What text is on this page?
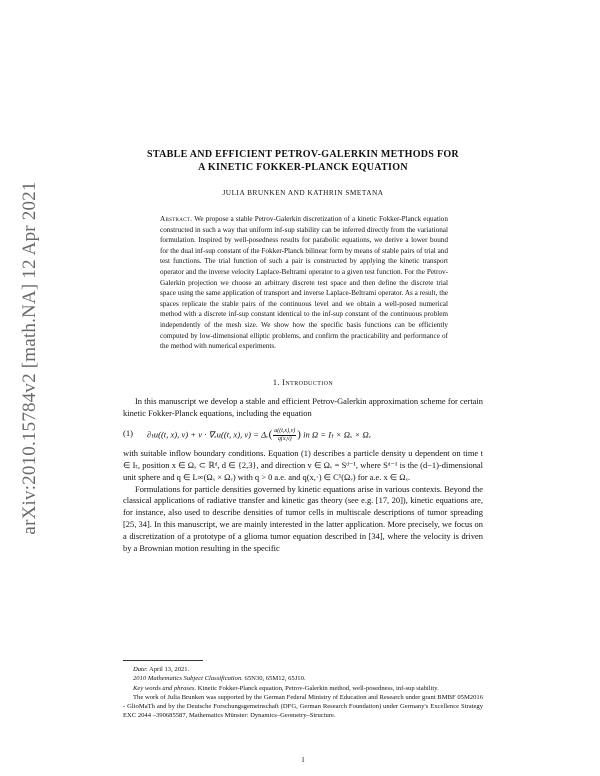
arXiv:2010.15784v2 [math.NA] 12 Apr 2021
STABLE AND EFFICIENT PETROV-GALERKIN METHODS FOR
A KINETIC FOKKER-PLANCK EQUATION
JULIA BRUNKEN AND KATHRIN SMETANA
Abstract. We propose a stable Petrov-Galerkin discretization of a kinetic Fokker-Planck equation constructed in such a way that uniform inf-sup stability can be inferred directly from the variational formulation. Inspired by well-posedness results for parabolic equations, we derive a lower bound for the dual inf-sup constant of the Fokker-Planck bilinear form by means of stable pairs of trial and test functions. The trial function of such a pair is constructed by applying the kinetic transport operator and the inverse velocity Laplace-Beltrami operator to a given test function. For the Petrov-Galerkin projection we choose an arbitrary discrete test space and then define the discrete trial space using the same application of transport and inverse Laplace-Beltrami operator. As a result, the spaces replicate the stable pairs of the continuous level and we obtain a well-posed numerical method with a discrete inf-sup constant identical to the inf-sup constant of the continuous problem independently of the mesh size. We show how the specific basis functions can be efficiently computed by low-dimensional elliptic problems, and confirm the practicability and performance of the method with numerical experiments.
1. Introduction

In this manuscript we develop a stable and efficient Petrov-Galerkin approximation scheme for certain kinetic Fokker-Planck equations, including the equation

(1) ∂ₜu((t, x), v) + v · ∇ₓu((t, x), v) = Δᵥ( $\frac{u((t,x),v)}{q(x,v)}$ ) in Ω = Iₜ × Ωₓ × Ωᵥ

with suitable inflow boundary conditions. Equation (1) describes a particle density u dependent on time t ∈ Iₜ, position x ∈ Ωₓ ⊂ ℝᵈ, d ∈ {2,3}, and direction v ∈ Ωᵥ = Sᵈ⁻¹, where Sᵈ⁻¹ is the (d−1)-dimensional unit sphere and q ∈ L∞(Ωₓ × Ωᵥ) with q > 0 a.e. and q(x,·) ∈ C¹(Ωᵥ) for a.e. x ∈ Ωₓ.

Formulations for particle densities governed by kinetic equations arise in various contexts. Beyond the classical applications of radiative transfer and kinetic gas theory (see e.g. [17, 20]), kinetic equations are, for instance, also used to describe densities of tumor cells in multiscale descriptions of tumor spreading [25, 34]. In this manuscript, we are mainly interested in the latter application. More precisely, we focus on a discretization of a prototype of a glioma tumor equation described in [34], where the velocity is driven by a Brownian motion resulting in the specific

Date: April 13, 2021.

2010 Mathematics Subject Classification. 65N30, 65M12, 65J10.

Key words and phrases. Kinetic Fokker-Planck equation, Petrov-Galerkin method, well-posedness, inf-sup stability.

The work of Julia Brunken was supported by the German Federal Ministry of Education and Research under grant BMBF 05M2016 - GlioMaTh and by the Deutsche Forschungsgemeinschaft (DFG, German Research Foundation) under Germany's Excellence Strategy EXC 2044 –390685587, Mathematics Münster: Dynamics–Geometry–Structure.

1
